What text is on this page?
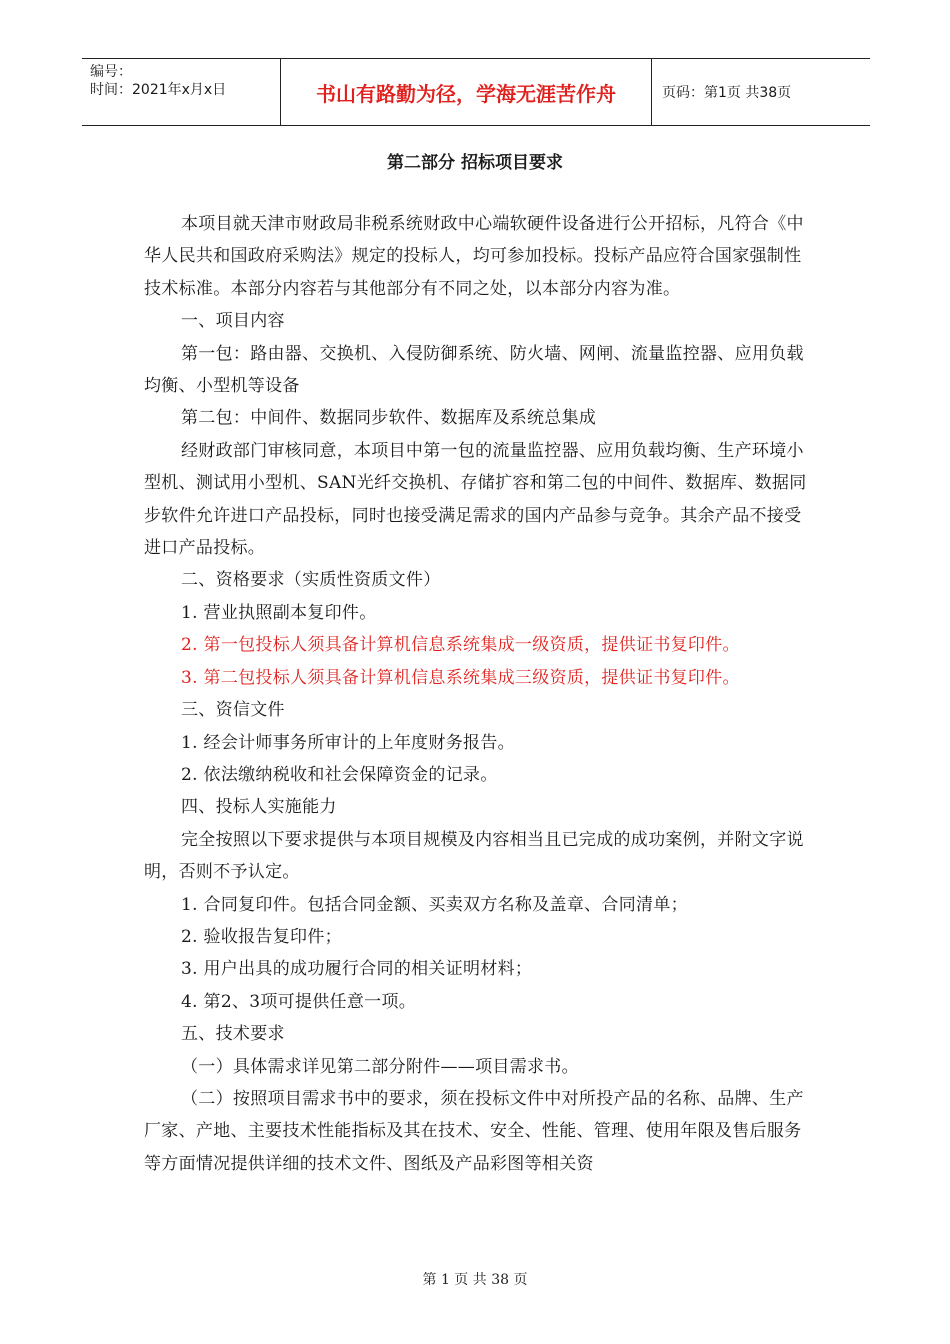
编号：
时间：2021年x月x日	书山有路勤为径，学海无涯苦作舟	页码：第1页 共38页
第二部分 招标项目要求

本项目就天津市财政局非税系统财政中心端软硬件设备进行公开招标，凡符合《中华人民共和国政府采购法》规定的投标人，均可参加投标。投标产品应符合国家强制性技术标准。本部分内容若与其他部分有不同之处，以本部分内容为准。

一、项目内容

第一包：路由器、交换机、入侵防御系统、防火墙、网闸、流量监控器、应用负载均衡、小型机等设备

第二包：中间件、数据同步软件、数据库及系统总集成

经财政部门审核同意，本项目中第一包的流量监控器、应用负载均衡、生产环境小型机、测试用小型机、SAN光纤交换机、存储扩容和第二包的中间件、数据库、数据同步软件允许进口产品投标，同时也接受满足需求的国内产品参与竞争。其余产品不接受进口产品投标。

二、资格要求（实质性资质文件）

1. 营业执照副本复印件。

2. 第一包投标人须具备计算机信息系统集成一级资质，提供证书复印件。

3. 第二包投标人须具备计算机信息系统集成三级资质，提供证书复印件。

三、资信文件

1. 经会计师事务所审计的上年度财务报告。

2. 依法缴纳税收和社会保障资金的记录。

四、投标人实施能力

完全按照以下要求提供与本项目规模及内容相当且已完成的成功案例，并附文字说明，否则不予认定。

1. 合同复印件。包括合同金额、买卖双方名称及盖章、合同清单；

2. 验收报告复印件；

3. 用户出具的成功履行合同的相关证明材料；

4. 第2、3项可提供任意一项。

五、技术要求

（一）具体需求详见第二部分附件——项目需求书。

（二）按照项目需求书中的要求，须在投标文件中对所投产品的名称、品牌、生产厂家、产地、主要技术性能指标及其在技术、安全、性能、管理、使用年限及售后服务等方面情况提供详细的技术文件、图纸及产品彩图等相关资

第 1 页 共 38 页
